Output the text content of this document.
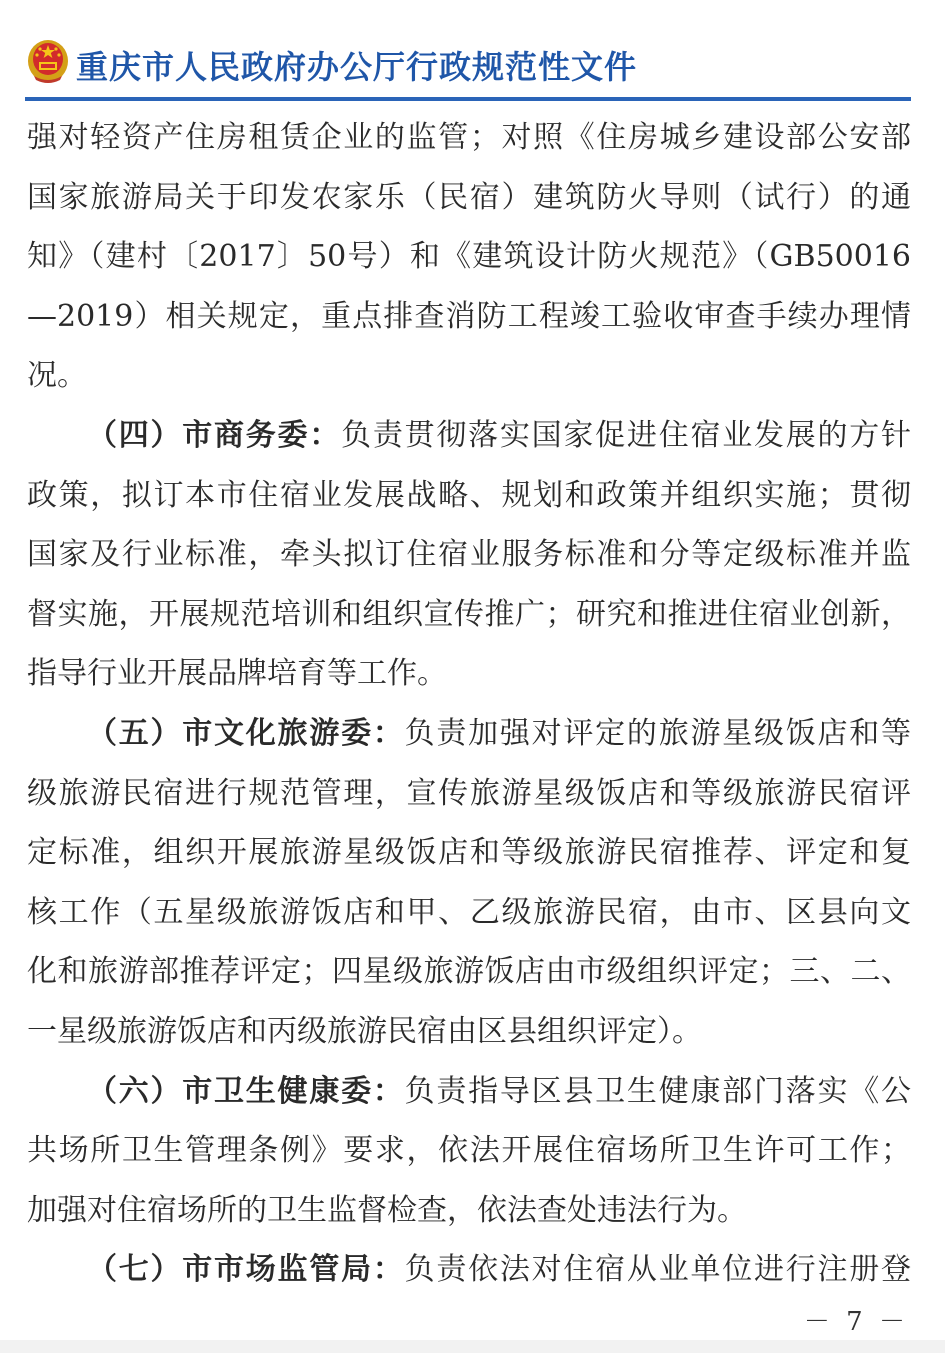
重庆市人民政府办公厅行政规范性文件
强对轻资产住房租赁企业的监管；对照《住房城乡建设部公安部
国家旅游局关于印发农家乐（民宿）建筑防火导则（试行）的通
知》（建村〔2017〕50号）和《建筑设计防火规范》（GB50016
—2019）相关规定，重点排查消防工程竣工验收审查手续办理情
况。
（四）市商务委：负责贯彻落实国家促进住宿业发展的方针
政策，拟订本市住宿业发展战略、规划和政策并组织实施；贯彻
国家及行业标准，牵头拟订住宿业服务标准和分等定级标准并监
督实施，开展规范培训和组织宣传推广；研究和推进住宿业创新，
指导行业开展品牌培育等工作。
（五）市文化旅游委：负责加强对评定的旅游星级饭店和等
级旅游民宿进行规范管理，宣传旅游星级饭店和等级旅游民宿评
定标准，组织开展旅游星级饭店和等级旅游民宿推荐、评定和复
核工作（五星级旅游饭店和甲、乙级旅游民宿，由市、区县向文
化和旅游部推荐评定；四星级旅游饭店由市级组织评定；三、二、
一星级旅游饭店和丙级旅游民宿由区县组织评定）。
（六）市卫生健康委：负责指导区县卫生健康部门落实《公
共场所卫生管理条例》要求，依法开展住宿场所卫生许可工作；
加强对住宿场所的卫生监督检查，依法查处违法行为。
（七）市市场监管局：负责依法对住宿从业单位进行注册登
－ 7 －
